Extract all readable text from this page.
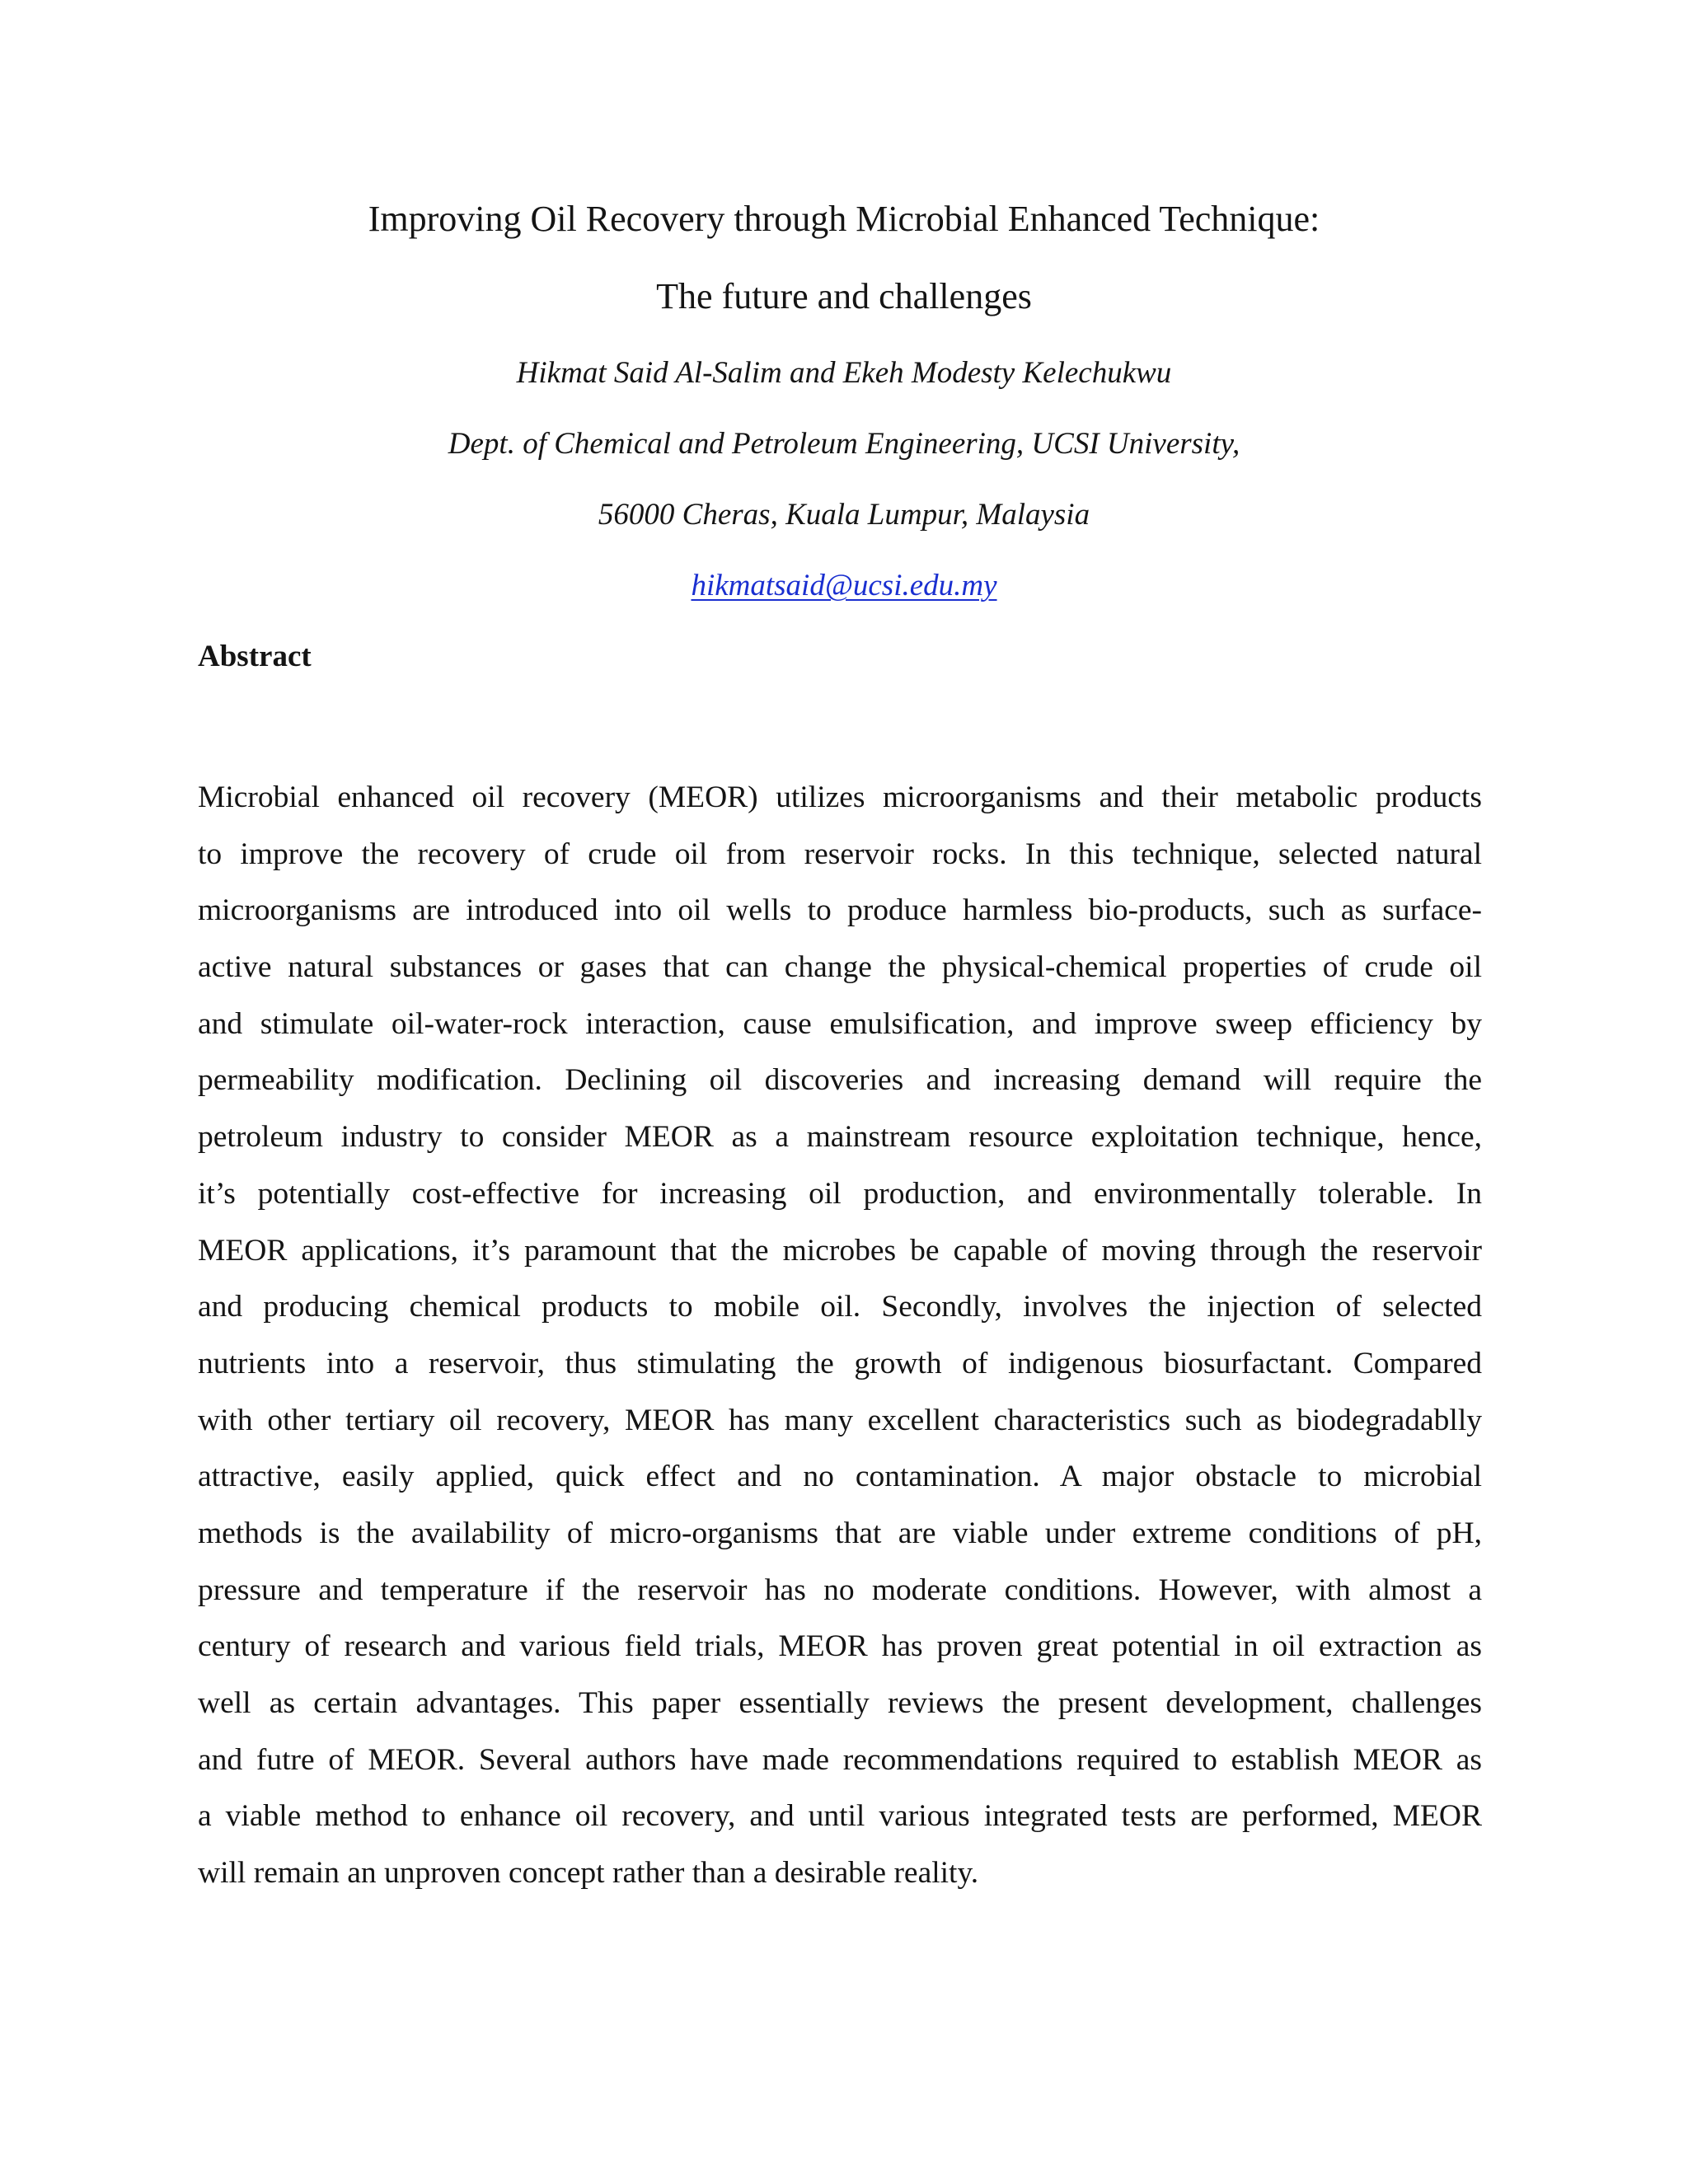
Improving Oil Recovery through Microbial Enhanced Technique:
The future and challenges
Hikmat Said Al-Salim and Ekeh Modesty Kelechukwu
Dept. of Chemical and Petroleum Engineering, UCSI University,
56000 Cheras, Kuala Lumpur, Malaysia
hikmatsaid@ucsi.edu.my
Abstract
Microbial enhanced oil recovery (MEOR) utilizes microorganisms and their metabolic products
to improve the recovery of crude oil from reservoir rocks. In this technique, selected natural
microorganisms are introduced into oil wells to produce harmless bio-products, such as surface-
active natural substances or gases that can change the physical-chemical properties of crude oil
and stimulate oil-water-rock interaction, cause emulsification, and improve sweep efficiency by
permeability modification. Declining oil discoveries and increasing demand will require the
petroleum industry to consider MEOR as a mainstream resource exploitation technique, hence,
it’s potentially cost-effective for increasing oil production, and environmentally tolerable. In
MEOR applications, it’s paramount that the microbes be capable of moving through the reservoir
and producing chemical products to mobile oil. Secondly, involves the injection of selected
nutrients into a reservoir, thus stimulating the growth of indigenous biosurfactant. Compared
with other tertiary oil recovery, MEOR has many excellent characteristics such as biodegradablly
attractive, easily applied, quick effect and no contamination. A major obstacle to microbial
methods is the availability of micro-organisms that are viable under extreme conditions of pH,
pressure and temperature if the reservoir has no moderate conditions. However, with almost a
century of research and various field trials, MEOR has proven great potential in oil extraction as
well as certain advantages. This paper essentially reviews the present development, challenges
and futre of MEOR. Several authors have made recommendations required to establish MEOR as
a viable method to enhance oil recovery, and until various integrated tests are performed, MEOR
will remain an unproven concept rather than a desirable reality.
